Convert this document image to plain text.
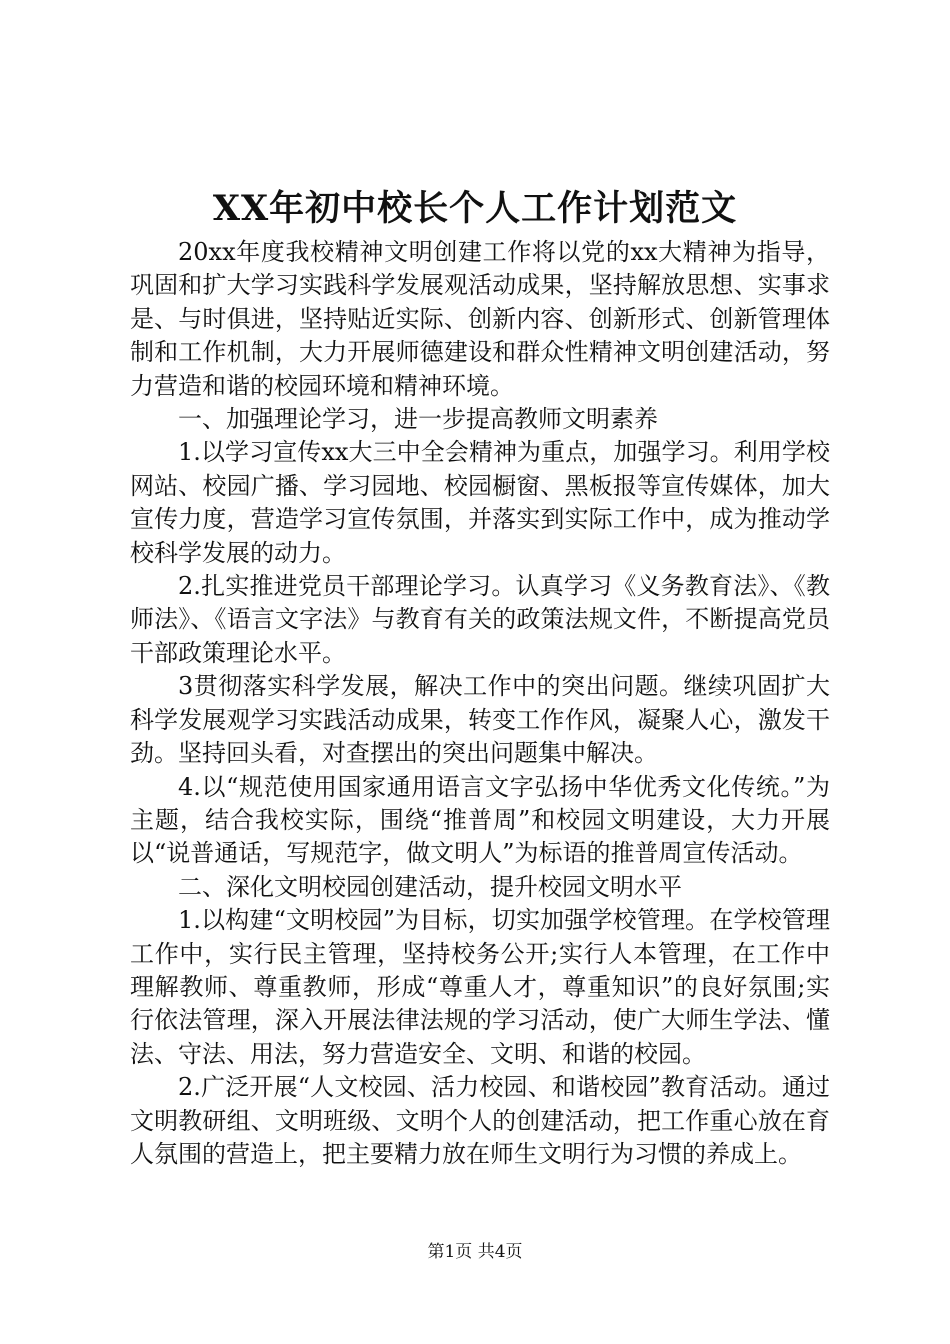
XX年初中校长个人工作计划范文

20xx年度我校精神文明创建工作将以党的xx大精神为指导，巩固和扩大学习实践科学发展观活动成果，坚持解放思想、实事求是、与时俱进，坚持贴近实际、创新内容、创新形式、创新管理体制和工作机制，大力开展师德建设和群众性精神文明创建活动，努力营造和谐的校园环境和精神环境。

一、加强理论学习，进一步提高教师文明素养

1.以学习宣传xx大三中全会精神为重点，加强学习。利用学校网站、校园广播、学习园地、校园橱窗、黑板报等宣传媒体，加大宣传力度，营造学习宣传氛围，并落实到实际工作中，成为推动学校科学发展的动力。

2.扎实推进党员干部理论学习。认真学习《义务教育法》、《教师法》、《语言文字法》与教育有关的政策法规文件，不断提高党员干部政策理论水平。

3贯彻落实科学发展，解决工作中的突出问题。继续巩固扩大科学发展观学习实践活动成果，转变工作作风，凝聚人心，激发干劲。坚持回头看，对查摆出的突出问题集中解决。

4.以“规范使用国家通用语言文字弘扬中华优秀文化传统。”为主题，结合我校实际，围绕“推普周”和校园文明建设，大力开展以“说普通话，写规范字，做文明人”为标语的推普周宣传活动。

二、深化文明校园创建活动，提升校园文明水平

1.以构建“文明校园”为目标，切实加强学校管理。在学校管理工作中，实行民主管理，坚持校务公开;实行人本管理，在工作中理解教师、尊重教师，形成“尊重人才，尊重知识”的良好氛围;实行依法管理，深入开展法律法规的学习活动，使广大师生学法、懂法、守法、用法，努力营造安全、文明、和谐的校园。

2.广泛开展“人文校园、活力校园、和谐校园”教育活动。通过文明教研组、文明班级、文明个人的创建活动，把工作重心放在育人氛围的营造上，把主要精力放在师生文明行为习惯的养成上。

第1页 共4页
